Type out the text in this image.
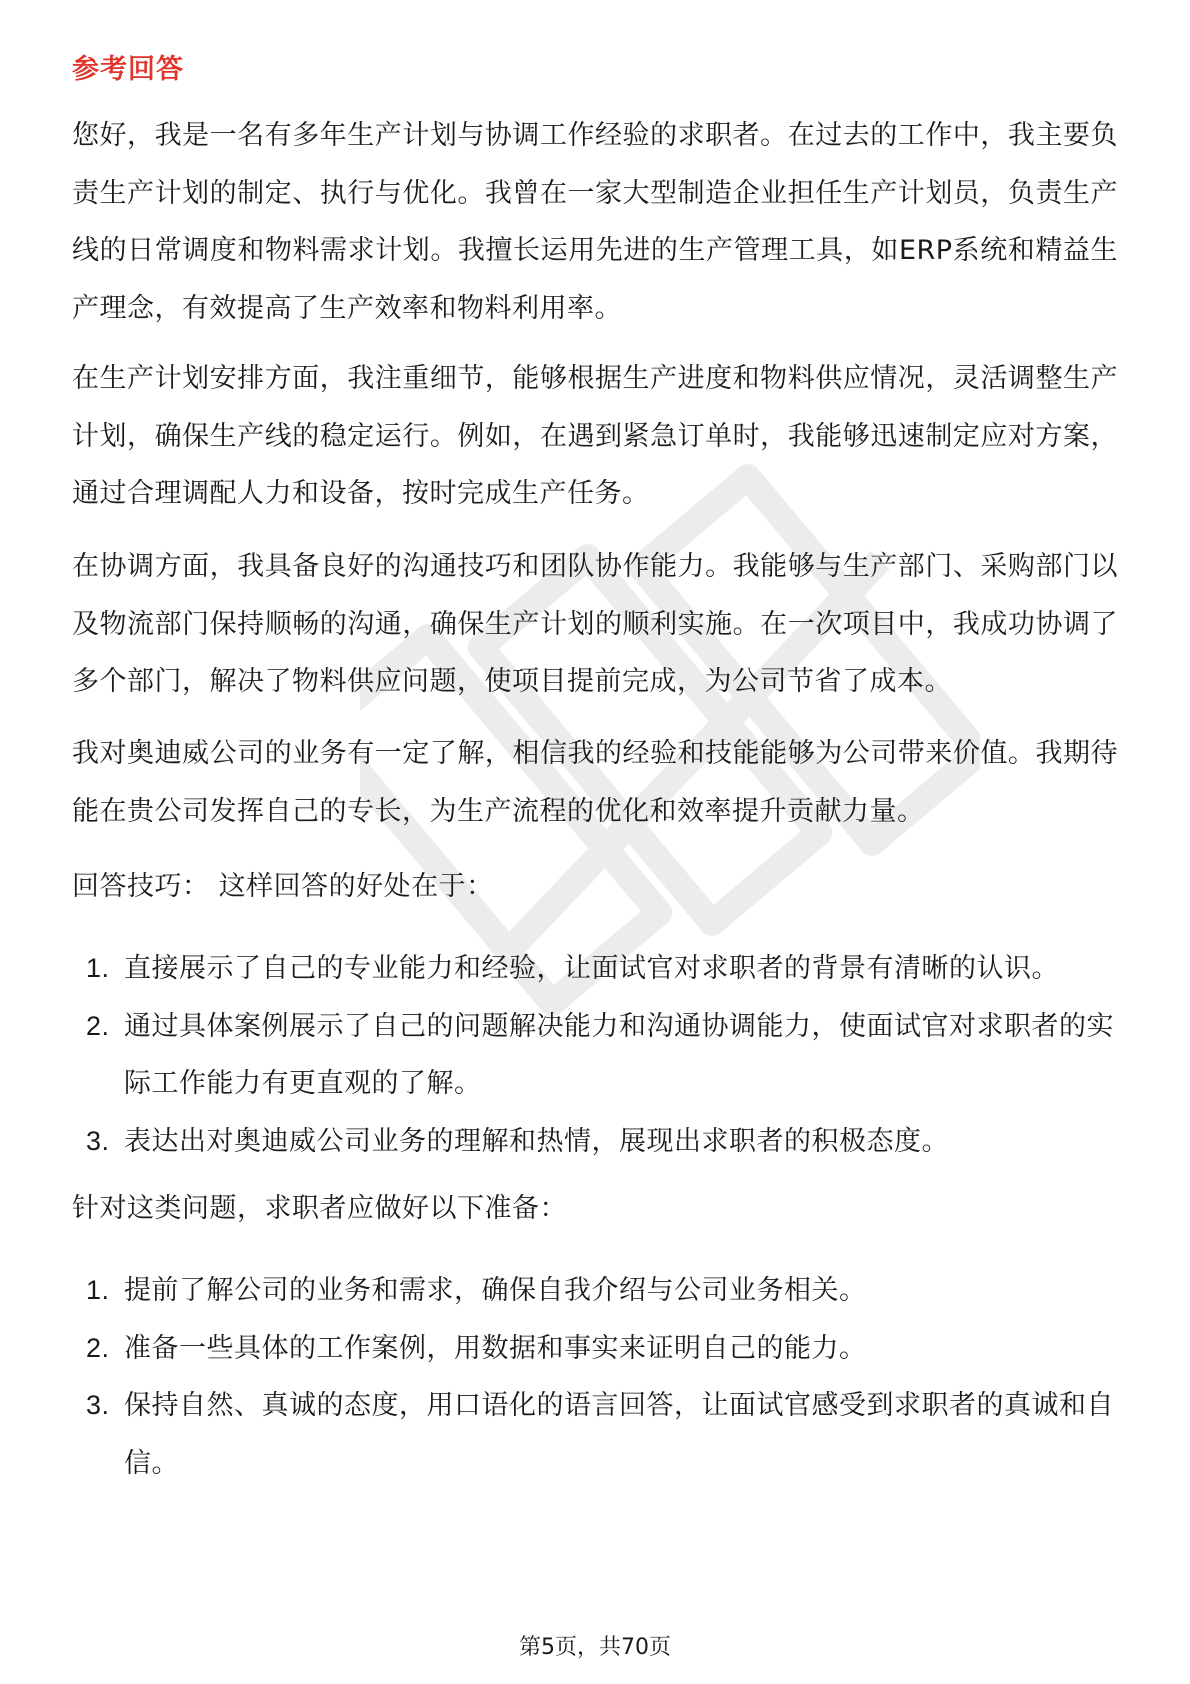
参考回答

您好，我是一名有多年生产计划与协调工作经验的求职者。在过去的工作中，我主要负责生产计划的制定、执行与优化。我曾在一家大型制造企业担任生产计划员，负责生产线的日常调度和物料需求计划。我擅长运用先进的生产管理工具，如ERP系统和精益生产理念，有效提高了生产效率和物料利用率。

在生产计划安排方面，我注重细节，能够根据生产进度和物料供应情况，灵活调整生产计划，确保生产线的稳定运行。例如，在遇到紧急订单时，我能够迅速制定应对方案，通过合理调配人力和设备，按时完成生产任务。

在协调方面，我具备良好的沟通技巧和团队协作能力。我能够与生产部门、采购部门以及物流部门保持顺畅的沟通，确保生产计划的顺利实施。在一次项目中，我成功协调了多个部门，解决了物料供应问题，使项目提前完成，为公司节省了成本。

我对奥迪威公司的业务有一定了解，相信我的经验和技能能够为公司带来价值。我期待能在贵公司发挥自己的专长，为生产流程的优化和效率提升贡献力量。

回答技巧： 这样回答的好处在于：

1. 直接展示了自己的专业能力和经验，让面试官对求职者的背景有清晰的认识。
2. 通过具体案例展示了自己的问题解决能力和沟通协调能力，使面试官对求职者的实际工作能力有更直观的了解。
3. 表达出对奥迪威公司业务的理解和热情，展现出求职者的积极态度。

针对这类问题，求职者应做好以下准备：

1. 提前了解公司的业务和需求，确保自我介绍与公司业务相关。
2. 准备一些具体的工作案例，用数据和事实来证明自己的能力。
3. 保持自然、真诚的态度，用口语化的语言回答，让面试官感受到求职者的真诚和自信。
第5页，共70页
